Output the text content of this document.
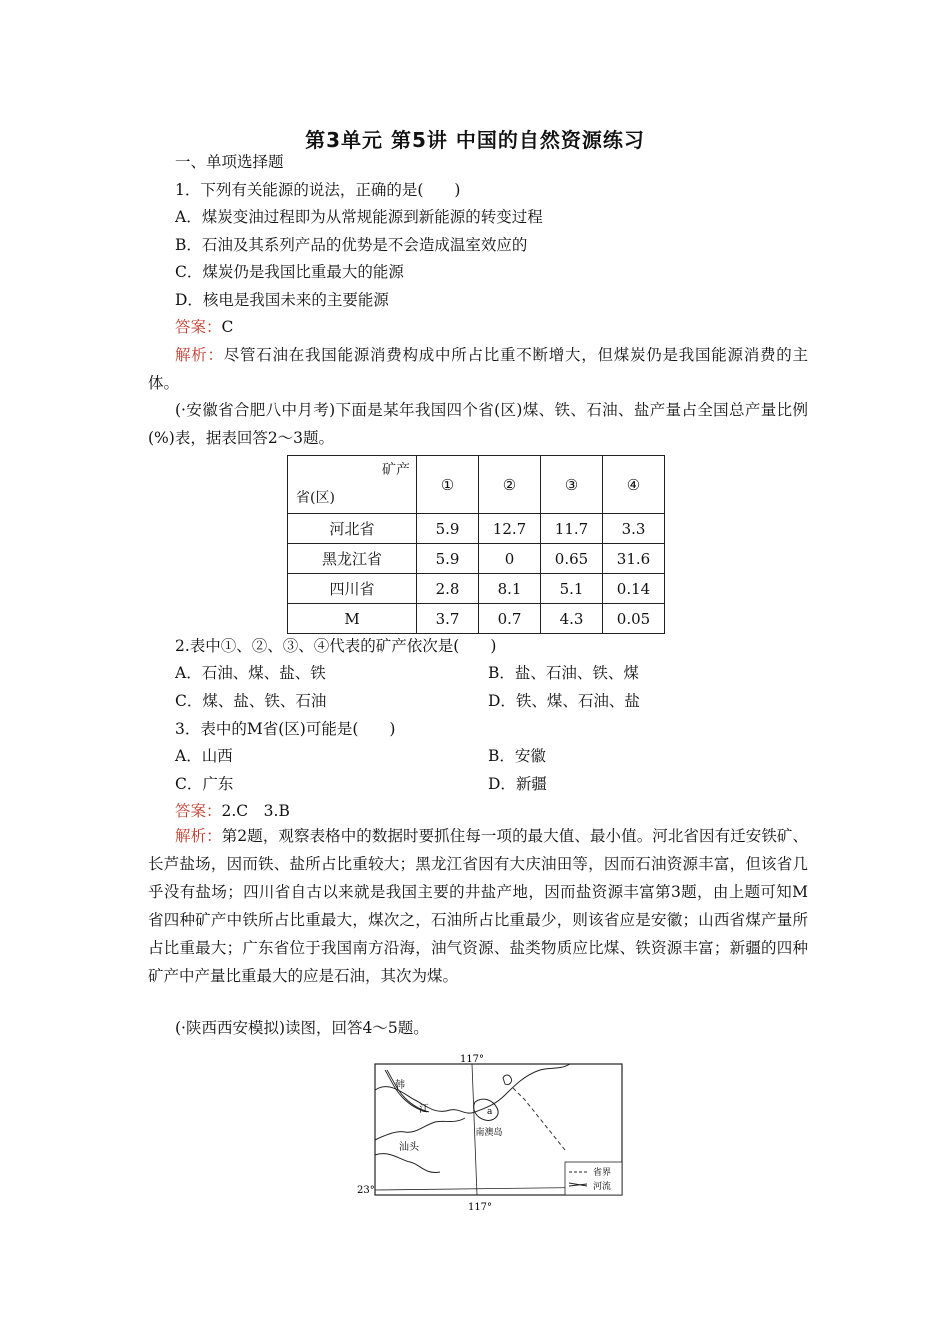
第3单元 第5讲 中国的自然资源练习
一、单项选择题
1．下列有关能源的说法，正确的是(　　)
A．煤炭变油过程即为从常规能源到新能源的转变过程
B．石油及其系列产品的优势是不会造成温室效应的
C．煤炭仍是我国比重最大的能源
D．核电是我国未来的主要能源
答案：C
解析：尽管石油在我国能源消费构成中所占比重不断增大，但煤炭仍是我国能源消费的主体。
(·安徽省合肥八中月考)下面是某年我国四个省(区)煤、铁、石油、盐产量占全国总产量比例(%)表，据表回答2～3题。
矿产
省(区)	①	②	③	④
河北省	5.9	12.7	11.7	3.3
黑龙江省	5.9	0	0.65	31.6
四川省	2.8	8.1	5.1	0.14
M	3.7	0.7	4.3	0.05
2.表中①、②、③、④代表的矿产依次是(　　)
A．石油、煤、盐、铁	B．盐、石油、铁、煤
C．煤、盐、铁、石油	D．铁、煤、石油、盐
3．表中的M省(区)可能是(　　)
A．山西	B．安徽
C．广东	D．新疆
答案：2.C　3.B
解析：第2题，观察表格中的数据时要抓住每一项的最大值、最小值。河北省因有迁安铁矿、长芦盐场，因而铁、盐所占比重较大；黑龙江省因有大庆油田等，因而石油资源丰富，但该省几乎没有盐场；四川省自古以来就是我国主要的井盐产地，因而盐资源丰富第3题，由上题可知M省四种矿产中铁所占比重最大，煤次之，石油所占比重最少，则该省应是安徽；山西省煤产量所占比重最大；广东省位于我国南方沿海，油气资源、盐类物质应比煤、铁资源丰富；新疆的四种矿产中产量比重最大的应是石油，其次为煤。
(·陕西西安模拟)读图，回答4～5题。
117°
117°
23°
韩
江
汕头
南澳岛
a
省界
河流
